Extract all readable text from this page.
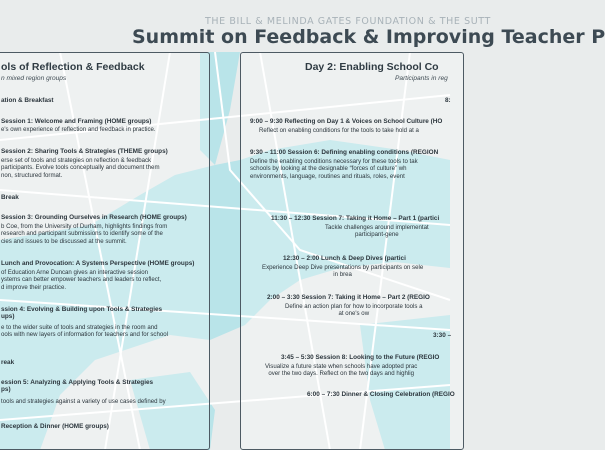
THE BILL & MELINDA GATES FOUNDATION & THE SUTT
Summit on Feedback & Improving Teacher P
ols of Reflection & Feedback
n mixed region groups
ation & Breakfast
Session 1: Welcome and Framing (HOME groups)
e's own experience of reflection and feedback in practice.
Session 2: Sharing Tools & Strategies (THEME groups)
erse set of tools and strategies on reflection & feedback
participants. Evolve tools conceptually and document them
non, structured format.
Break
Session 3: Grounding Ourselves in Research (HOME groups)
b Coe, from the University of Durham, highlights findings from
research and participant submissions to identify some of the
cies and issues to be discussed at the summit.
Lunch and Provocation: A Systems Perspective (HOME groups)
of Education Arne Duncan gives an interactive session
ystems can better empower teachers and leaders to reflect,
d improve their practice.
ssion 4: Evolving & Building upon Tools & Strategies
ups)
e to the wider suite of tools and strategies in the room and
ools with new layers of information for teachers and for school
reak
ession 5: Analyzing & Applying Tools & Strategies
ps)
tools and strategies against a variety of use cases defined by
Reception & Dinner (HOME groups)
Day 2: Enabling School Co
Participants in reg
8:
9:00 – 9:30 Reflecting on Day 1 & Voices on School Culture (HO
Reflect on enabling conditions for the tools to take hold at a
9:30 – 11:00 Session 6: Defining enabling conditions (REGION
Define the enabling conditions necessary for these tools to tak
schools by looking at the designable “forces of culture” wh
environments, language, routines and rituals, roles, event
11:30 – 12:30 Session 7: Taking it Home – Part 1 (partici
Tackle challenges around implementat
participant-gene
12:30 – 2:00 Lunch & Deep Dives (partici
Experience Deep Dive presentations by participants on sele
in brea
2:00 – 3:30 Session 7: Taking it Home – Part 2 (REGIO
Define an action plan for how to incorporate tools a
at one's ow
3:30 –
3:45 – 5:30 Session 8: Looking to the Future (REGIO
Visualize a future state when schools have adopted prac
over the two days. Reflect on the two days and highlig
6:00 – 7:30 Dinner & Closing Celebration (REGIO
